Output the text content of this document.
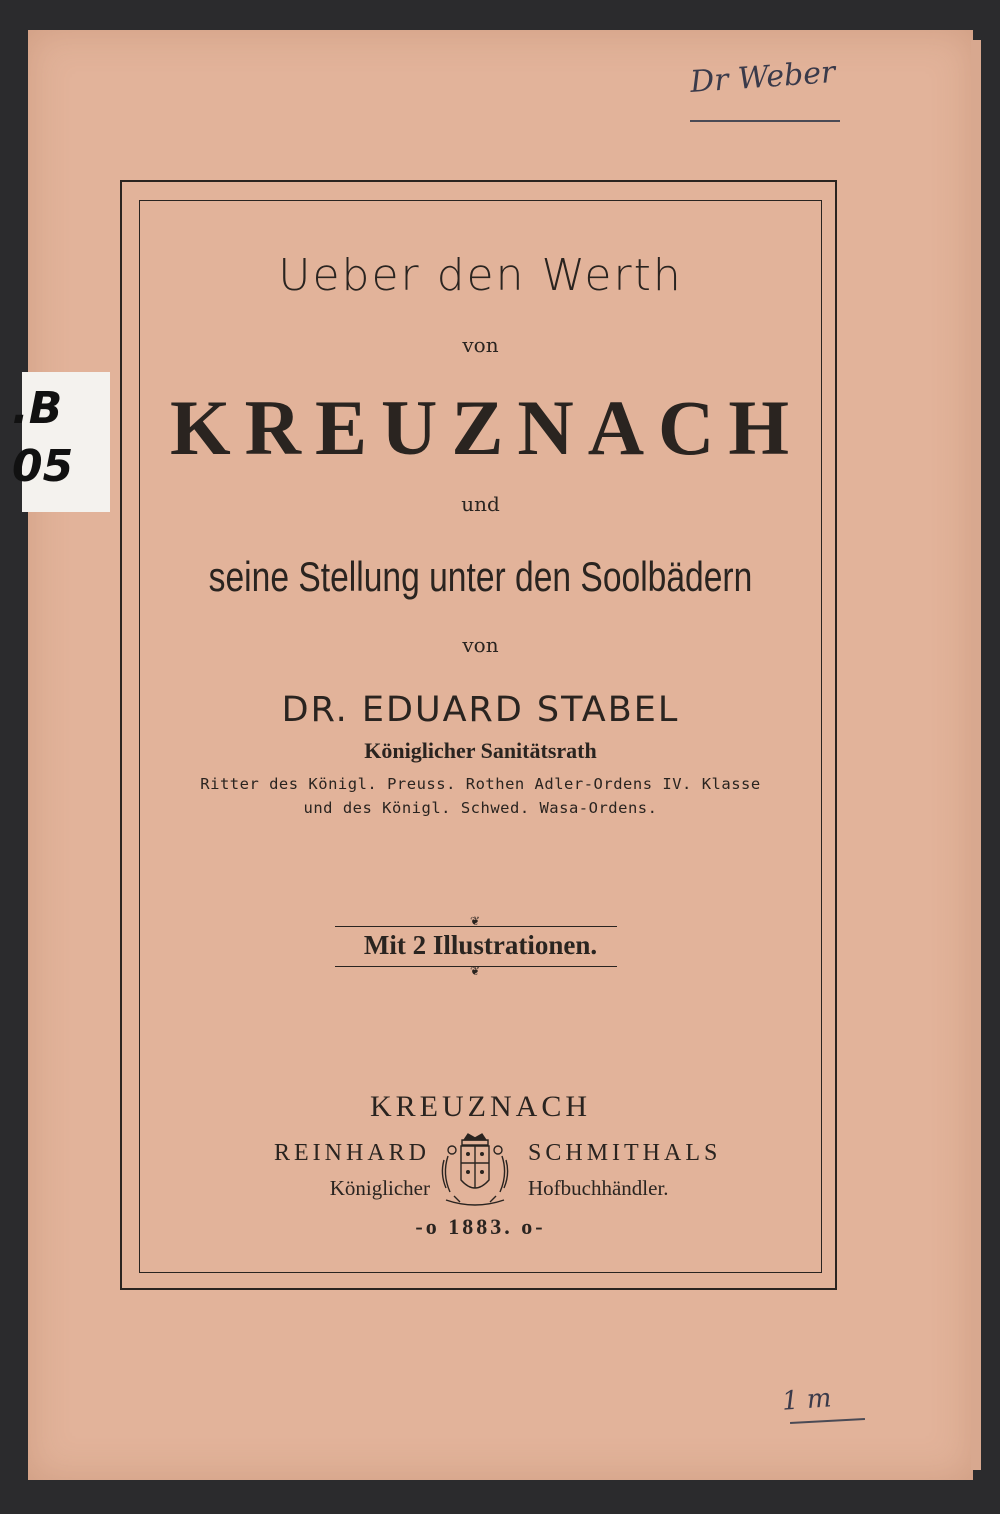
Dr Weber
1 m
.B
05
Ueber den Werth
von
KREUZNACH
und
seine Stellung unter den Soolbädern
von
DR. EDUARD STABEL
Königlicher Sanitätsrath
Ritter des Königl. Preuss. Rothen Adler-Ordens IV. Klasse
und des Königl. Schwed. Wasa-Ordens.
❦
Mit 2 Illustrationen.
❦
KREUZNACH
REINHARD	SCHMITHALS
Königlicher	Hofbuchhändler.
-o 1883. o-
